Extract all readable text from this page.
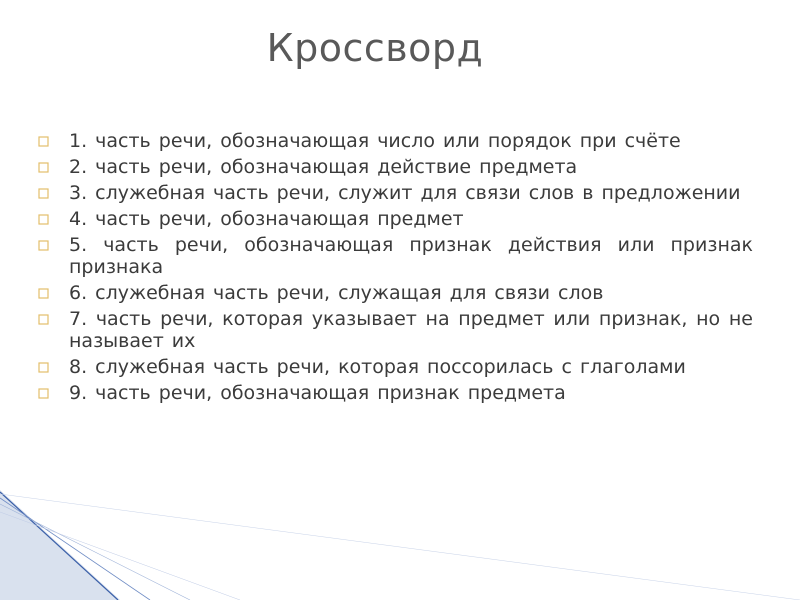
Кроссворд
1. часть речи, обозначающая число или порядок при счёте
2. часть речи, обозначающая действие предмета
3. служебная часть речи, служит для связи слов в предложении
4. часть речи, обозначающая предмет
5. часть речи, обозначающая признак действия или признак признака
6. служебная часть речи, служащая для связи слов
7. часть речи, которая указывает на предмет или признак, но не называет их
8. служебная часть речи, которая поссорилась с глаголами
9. часть речи, обозначающая признак предмета
